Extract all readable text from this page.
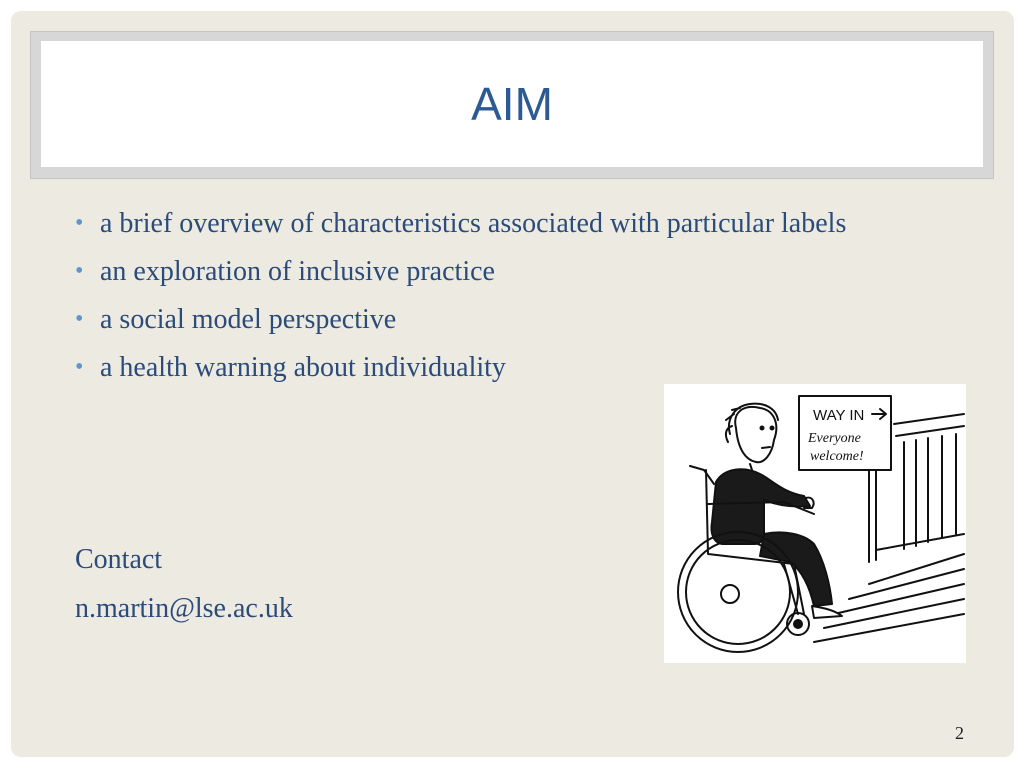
AIM
• a brief overview of characteristics associated with particular labels
• an exploration of inclusive practice
• a social model perspective
• a health warning about individuality
Contact
n.martin@lse.ac.uk
WAY IN
Everyone
welcome!
2
